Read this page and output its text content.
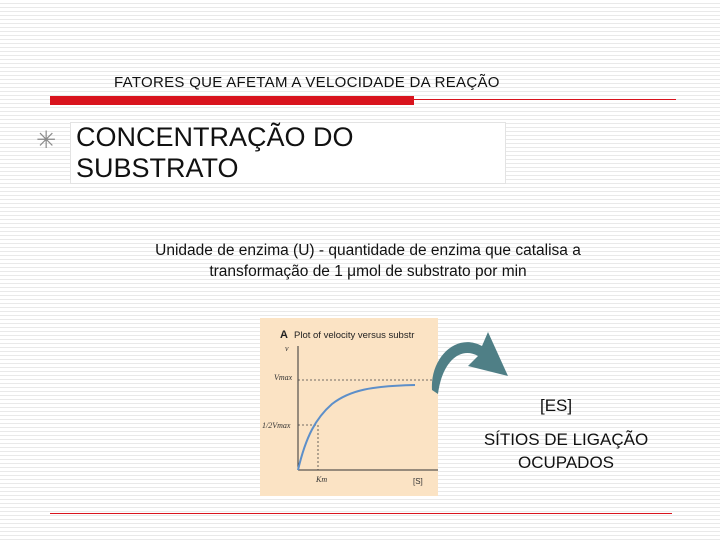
FATORES QUE AFETAM A VELOCIDADE DA REAÇÃO
✳ CONCENTRAÇÃO DO
SUBSTRATO
Unidade de enzima (U) - quantidade de enzima que catalisa a
transformação de 1 μmol de substrato por min
A Plot of velocity versus substr
v
Vmax
1/2Vmax
Km	[S]
[ES]
SÍTIOS DE LIGAÇÃO
OCUPADOS
